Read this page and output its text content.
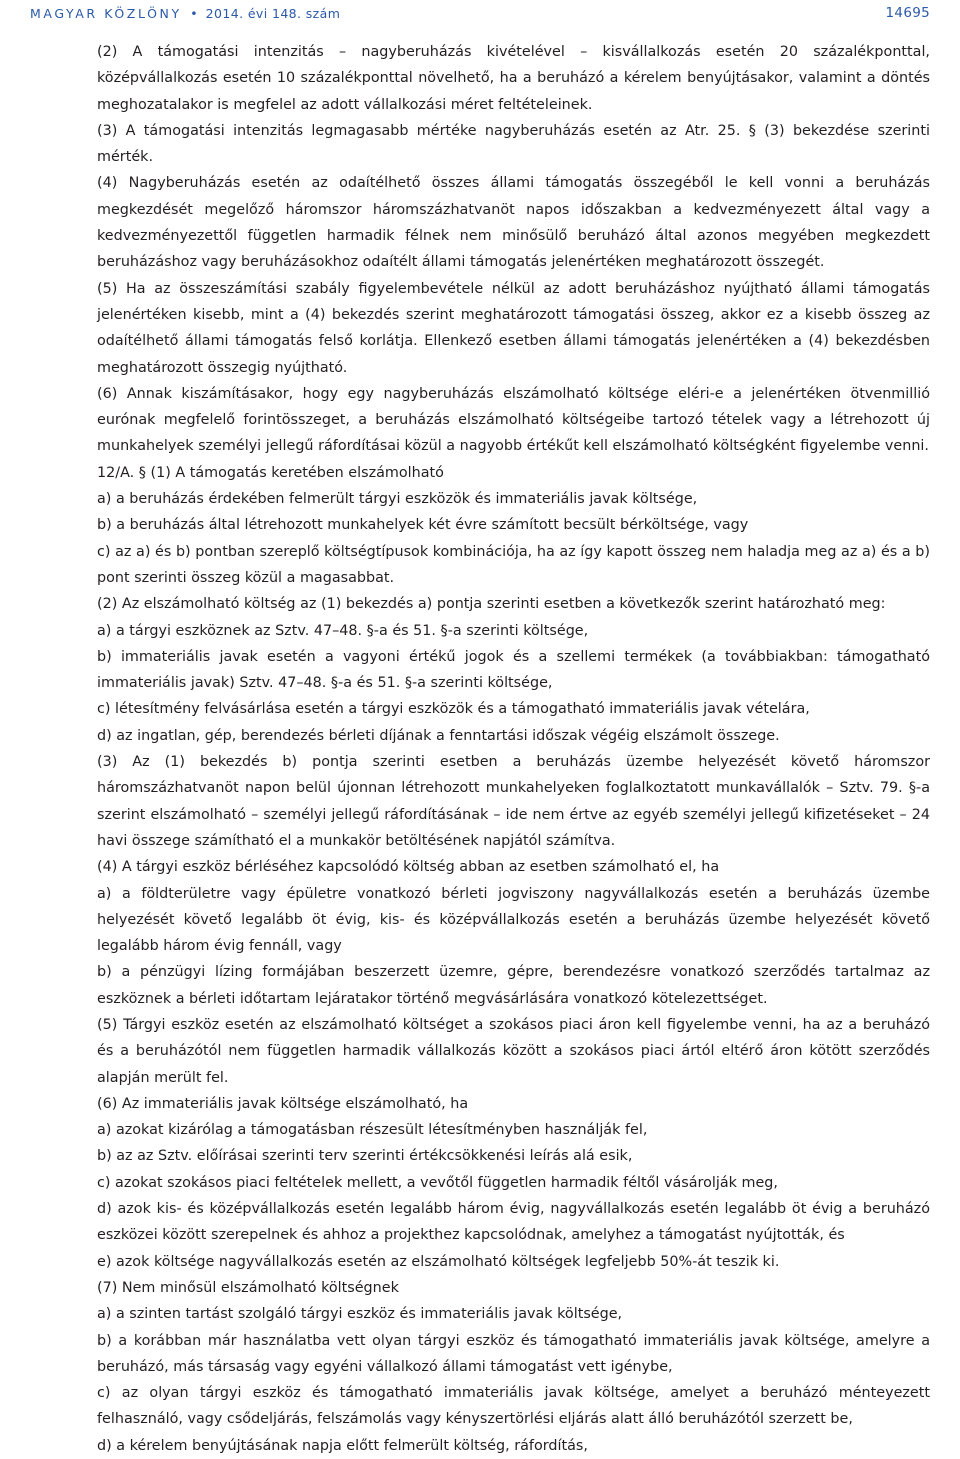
MAGYAR KÖZLÖNY • 2014. évi 148. szám	14695

(2) A támogatási intenzitás – nagyberuházás kivételével – kisvállalkozás esetén 20 százalékponttal, középvállalkozás esetén 10 százalékponttal növelhető, ha a beruházó a kérelem benyújtásakor, valamint a döntés meghozatalakor is megfelel az adott vállalkozási méret feltételeinek.

(3) A támogatási intenzitás legmagasabb mértéke nagyberuházás esetén az Atr. 25. § (3) bekezdése szerinti mérték.

(4) Nagyberuházás esetén az odaítélhető összes állami támogatás összegéből le kell vonni a beruházás megkezdését megelőző háromszor háromszázhatvanöt napos időszakban a kedvezményezett által vagy a kedvezményezettől független harmadik félnek nem minősülő beruházó által azonos megyében megkezdett beruházáshoz vagy beruházásokhoz odaítélt állami támogatás jelenértéken meghatározott összegét.

(5) Ha az összeszámítási szabály figyelembevétele nélkül az adott beruházáshoz nyújtható állami támogatás jelenértéken kisebb, mint a (4) bekezdés szerint meghatározott támogatási összeg, akkor ez a kisebb összeg az odaítélhető állami támogatás felső korlátja. Ellenkező esetben állami támogatás jelenértéken a (4) bekezdésben meghatározott összegig nyújtható.

(6) Annak kiszámításakor, hogy egy nagyberuházás elszámolható költsége eléri-e a jelenértéken ötvenmillió eurónak megfelelő forintösszeget, a beruházás elszámolható költségeibe tartozó tételek vagy a létrehozott új munkahelyek személyi jellegű ráfordításai közül a nagyobb értékűt kell elszámolható költségként figyelembe venni.

12/A. § (1) A támogatás keretében elszámolható

a) a beruházás érdekében felmerült tárgyi eszközök és immateriális javak költsége,

b) a beruházás által létrehozott munkahelyek két évre számított becsült bérköltsége, vagy

c) az a) és b) pontban szereplő költségtípusok kombinációja, ha az így kapott összeg nem haladja meg az a) és a b) pont szerinti összeg közül a magasabbat.

(2) Az elszámolható költség az (1) bekezdés a) pontja szerinti esetben a következők szerint határozható meg:

a) a tárgyi eszköznek az Sztv. 47–48. §-a és 51. §-a szerinti költsége,

b) immateriális javak esetén a vagyoni értékű jogok és a szellemi termékek (a továbbiakban: támogatható immateriális javak) Sztv. 47–48. §-a és 51. §-a szerinti költsége,

c) létesítmény felvásárlása esetén a tárgyi eszközök és a támogatható immateriális javak vételára,

d) az ingatlan, gép, berendezés bérleti díjának a fenntartási időszak végéig elszámolt összege.

(3) Az (1) bekezdés b) pontja szerinti esetben a beruházás üzembe helyezését követő háromszor háromszázhatvanöt napon belül újonnan létrehozott munkahelyeken foglalkoztatott munkavállalók – Sztv. 79. §-a szerint elszámolható – személyi jellegű ráfordításának – ide nem értve az egyéb személyi jellegű kifizetéseket – 24 havi összege számítható el a munkakör betöltésének napjától számítva.

(4) A tárgyi eszköz bérléséhez kapcsolódó költség abban az esetben számolható el, ha

a) a földterületre vagy épületre vonatkozó bérleti jogviszony nagyvállalkozás esetén a beruházás üzembe helyezését követő legalább öt évig, kis- és középvállalkozás esetén a beruházás üzembe helyezését követő legalább három évig fennáll, vagy

b) a pénzügyi lízing formájában beszerzett üzemre, gépre, berendezésre vonatkozó szerződés tartalmaz az eszköznek a bérleti időtartam lejáratakor történő megvásárlására vonatkozó kötelezettséget.

(5) Tárgyi eszköz esetén az elszámolható költséget a szokásos piaci áron kell figyelembe venni, ha az a beruházó és a beruházótól nem független harmadik vállalkozás között a szokásos piaci ártól eltérő áron kötött szerződés alapján merült fel.

(6) Az immateriális javak költsége elszámolható, ha

a) azokat kizárólag a támogatásban részesült létesítményben használják fel,

b) az az Sztv. előírásai szerinti terv szerinti értékcsökkenési leírás alá esik,

c) azokat szokásos piaci feltételek mellett, a vevőtől független harmadik féltől vásárolják meg,

d) azok kis- és középvállalkozás esetén legalább három évig, nagyvállalkozás esetén legalább öt évig a beruházó eszközei között szerepelnek és ahhoz a projekthez kapcsolódnak, amelyhez a támogatást nyújtották, és

e) azok költsége nagyvállalkozás esetén az elszámolható költségek legfeljebb 50%-át teszik ki.

(7) Nem minősül elszámolható költségnek

a) a szinten tartást szolgáló tárgyi eszköz és immateriális javak költsége,

b) a korábban már használatba vett olyan tárgyi eszköz és támogatható immateriális javak költsége, amelyre a beruházó, más társaság vagy egyéni vállalkozó állami támogatást vett igénybe,

c) az olyan tárgyi eszköz és támogatható immateriális javak költsége, amelyet a beruházó ménteyezett felhasználó, vagy csődeljárás, felszámolás vagy kényszertörlési eljárás alatt álló beruházótól szerzett be,

d) a kérelem benyújtásának napja előtt felmerült költség, ráfordítás,
